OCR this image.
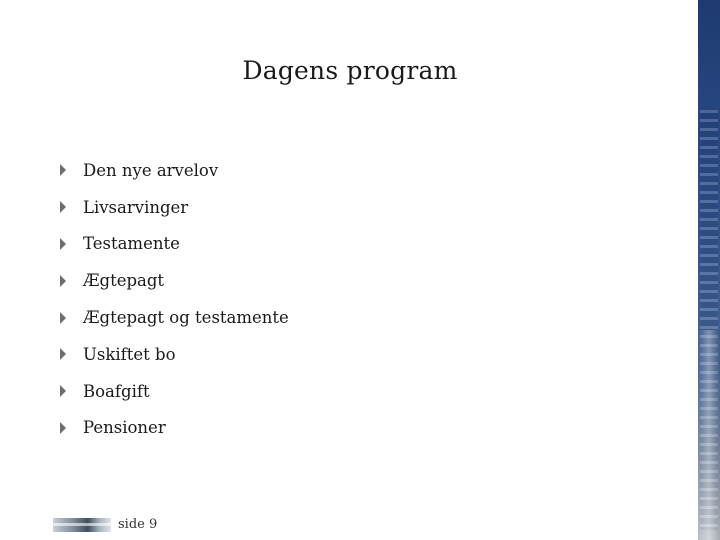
Dagens program
Den nye arvelov
Livsarvinger
Testamente
Ægtepagt
Ægtepagt og testamente
Uskiftet bo
Boafgift
Pensioner
side 9
